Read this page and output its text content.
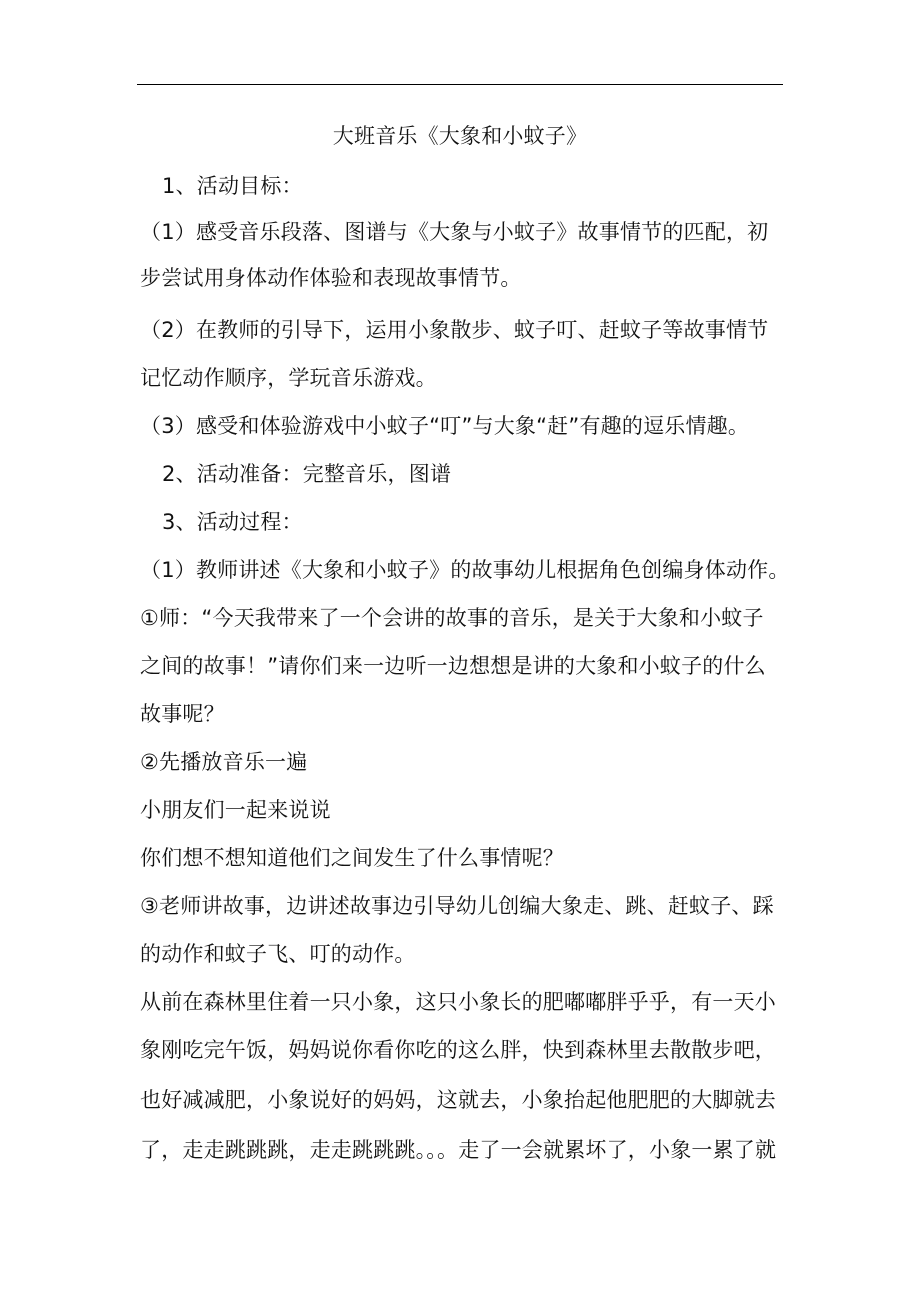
大班音乐《大象和小蚊子》
1、活动目标：
（1）感受音乐段落、图谱与《大象与小蚊子》故事情节的匹配，初
步尝试用身体动作体验和表现故事情节。
（2）在教师的引导下，运用小象散步、蚊子叮、赶蚊子等故事情节
记忆动作顺序，学玩音乐游戏。
（3）感受和体验游戏中小蚊子“叮”与大象“赶”有趣的逗乐情趣。
2、活动准备：完整音乐，图谱
3、活动过程：
（1）教师讲述《大象和小蚊子》的故事幼儿根据角色创编身体动作。
①师：“今天我带来了一个会讲的故事的音乐，是关于大象和小蚊子
之间的故事！”请你们来一边听一边想想是讲的大象和小蚊子的什么
故事呢？
②先播放音乐一遍
小朋友们一起来说说
你们想不想知道他们之间发生了什么事情呢？
③老师讲故事，边讲述故事边引导幼儿创编大象走、跳、赶蚊子、踩
的动作和蚊子飞、叮的动作。
从前在森林里住着一只小象，这只小象长的肥嘟嘟胖乎乎，有一天小
象刚吃完午饭，妈妈说你看你吃的这么胖，快到森林里去散散步吧，
也好减减肥，小象说好的妈妈，这就去，小象抬起他肥肥的大脚就去
了，走走跳跳跳，走走跳跳跳。。。走了一会就累坏了，小象一累了就
